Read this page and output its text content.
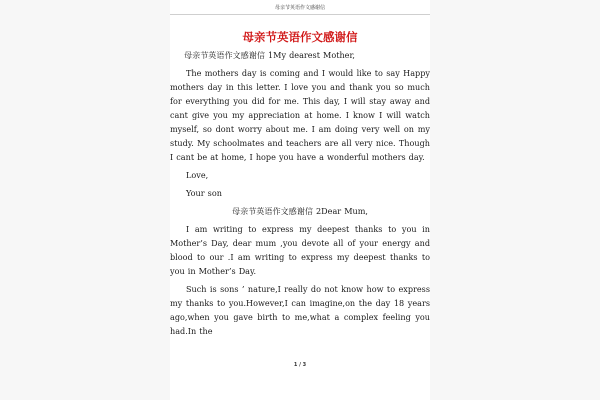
母亲节英语作文感谢信
母亲节英语作文感谢信

母亲节英语作文感谢信 1My dearest Mother,

The mothers day is coming and I would like to say Happy mothers day in this letter. I love you and thank you so much for everything you did for me. This day, I will stay away and cant give you my appreciation at home. I know I will watch myself, so dont worry about me. I am doing very well on my study. My schoolmates and teachers are all very nice. Though I cant be at home, I hope you have a wonderful mothers day.

Love,

Your son

母亲节英语作文感谢信 2Dear Mum,

I am writing to express my deepest thanks to you in Mother’s Day, dear mum ,you devote all of your energy and blood to our .I am writing to express my deepest thanks to you in Mother’s Day.

Such is sons ’ nature,I really do not know how to express my thanks to you.However,I can imagine,on the day 18 years ago,when you gave birth to me,what a complex feeling you had.In the

1 / 3
